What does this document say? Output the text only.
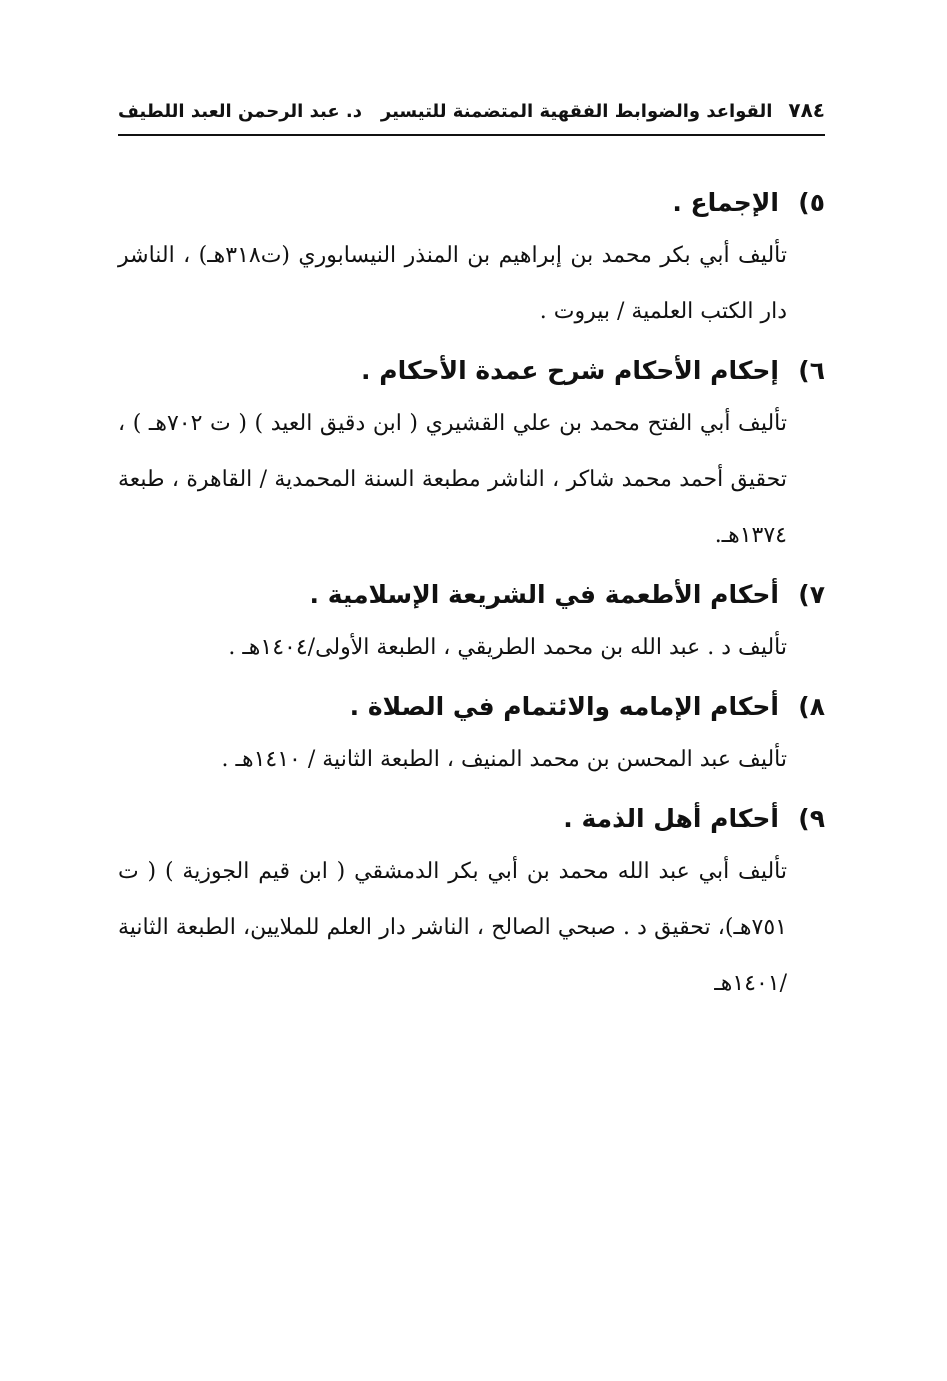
٧٨٤
القواعد والضوابط الفقهية المتضمنة للتيسير
د. عبد الرحمن العبد اللطيف
٥)
الإجماع .
تأليف أبي بكر محمد بن إبراهيم بن المنذر النيسابوري (ت٣١٨هـ) ، الناشر دار الكتب العلمية / بيروت .
٦)
إحكام الأحكام شرح عمدة الأحكام .
تأليف أبي الفتح محمد بن علي القشيري ( ابن دقيق العيد ) ( ت ٧٠٢هـ ) ، تحقيق أحمد محمد شاكر ، الناشر مطبعة السنة المحمدية / القاهرة ، طبعة ١٣٧٤هـ.
٧)
أحكام الأطعمة في الشريعة الإسلامية .
تأليف د . عبد الله بن محمد الطريقي ، الطبعة الأولى/١٤٠٤هـ .
٨)
أحكام الإمامه والائتمام في الصلاة .
تأليف عبد المحسن بن محمد المنيف ، الطبعة الثانية / ١٤١٠هـ .
٩)
أحكام أهل الذمة .
تأليف أبي عبد الله محمد بن أبي بكر الدمشقي ( ابن قيم الجوزية ) ( ت ٧٥١هـ)، تحقيق د . صبحي الصالح ، الناشر دار العلم للملايين، الطبعة الثانية /١٤٠١هـ
